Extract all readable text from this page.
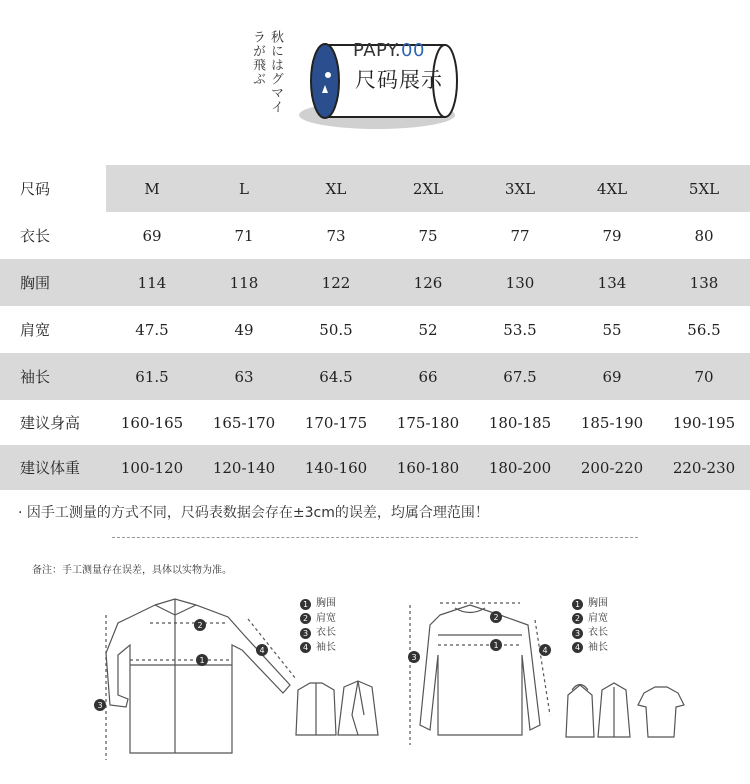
秋にはグマイ
ラが飛ぶ	PAPY.00
尺码展示
尺码	M	L	XL	2XL	3XL	4XL	5XL
衣长	69	71	73	75	77	79	80
胸围	114	118	122	126	130	134	138
肩宽	47.5	49	50.5	52	53.5	55	56.5
袖长	61.5	63	64.5	66	67.5	69	70
建议身高	160-165	165-170	170-175	175-180	180-185	185-190	190-195
建议体重	100-120	120-140	140-160	160-180	180-200	200-220	220-230
· 因手工测量的方式不同，尺码表数据会存在±3cm的误差，均属合理范围！
备注：手工测量存在误差，具体以实物为准。
1
2
3
4
1
2
3
4
1 胸围
2 肩宽
3 衣长
4 袖长
1 胸围
2 肩宽
3 衣长
4 袖长
